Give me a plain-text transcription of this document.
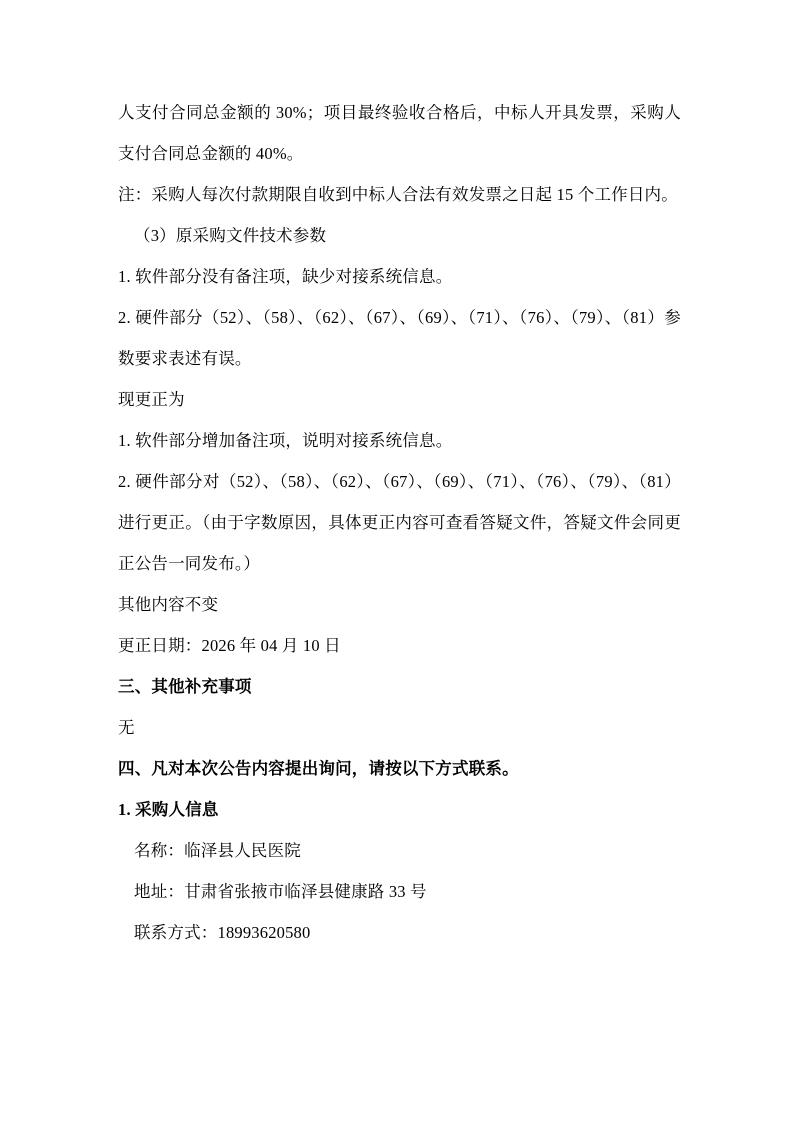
人支付合同总金额的 30%；项目最终验收合格后，中标人开具发票，采购人支付合同总金额的 40%。

注：采购人每次付款期限自收到中标人合法有效发票之日起 15 个工作日内。

（3）原采购文件技术参数

1. 软件部分没有备注项，缺少对接系统信息。

2. 硬件部分（52）、（58）、（62）、（67）、（69）、（71）、（76）、（79）、（81）参数要求表述有误。

现更正为

1. 软件部分增加备注项，说明对接系统信息。

2. 硬件部分对（52）、（58）、（62）、（67）、（69）、（71）、（76）、（79）、（81）进行更正。（由于字数原因，具体更正内容可查看答疑文件，答疑文件会同更正公告一同发布。）

其他内容不变

更正日期：2026 年 04 月 10 日

三、其他补充事项

无

四、凡对本次公告内容提出询问，请按以下方式联系。

1. 采购人信息

名称：临泽县人民医院

地址：甘肃省张掖市临泽县健康路 33 号

联系方式：18993620580
